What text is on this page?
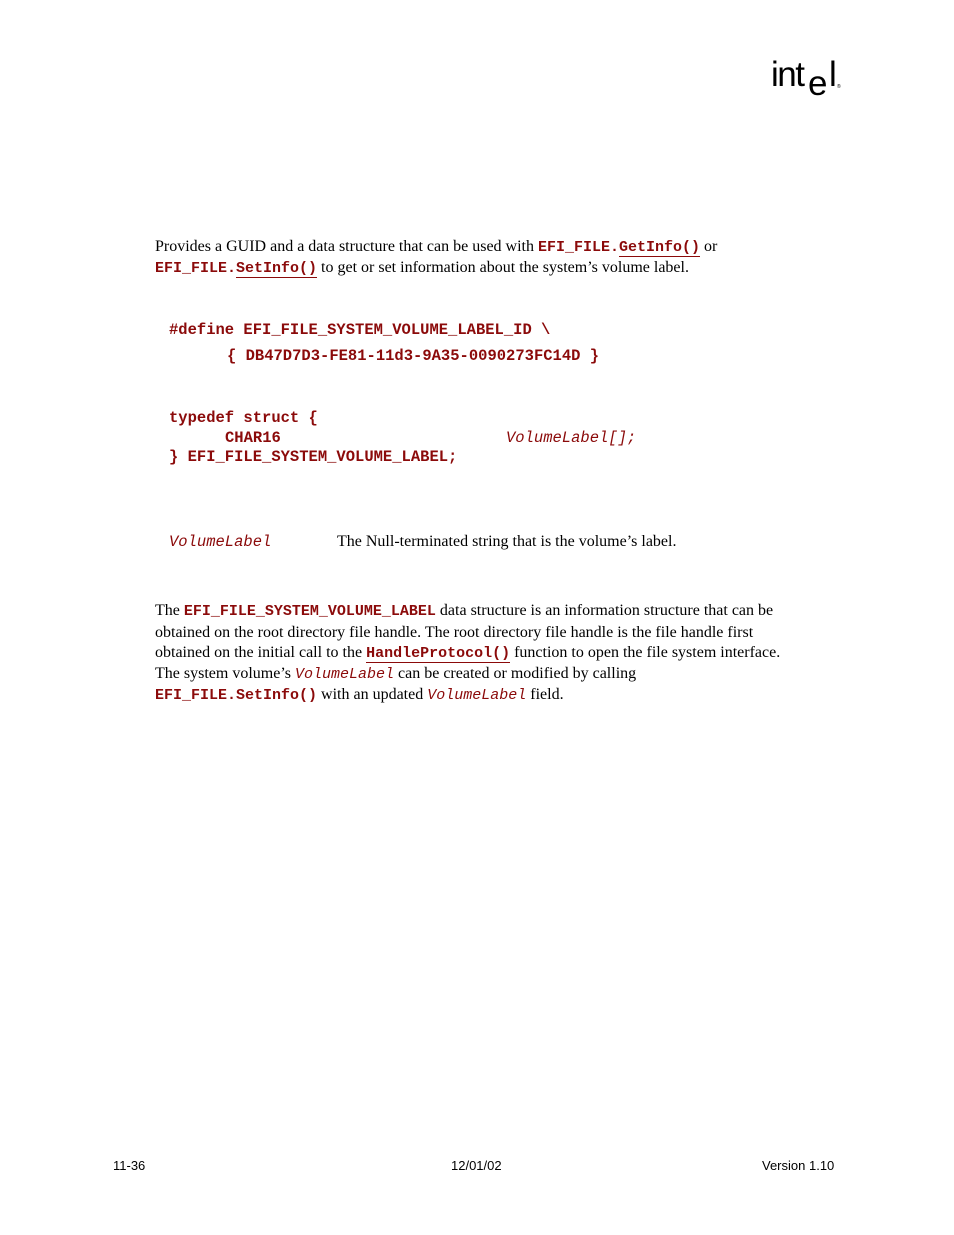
int e l ®
Provides a GUID and a data structure that can be used with EFI_FILE.GetInfo() or
EFI_FILE.SetInfo() to get or set information about the system’s volume label.
#define EFI_FILE_SYSTEM_VOLUME_LABEL_ID \
{ DB47D7D3-FE81-11d3-9A35-0090273FC14D }
typedef struct {
CHAR16	VolumeLabel[];
} EFI_FILE_SYSTEM_VOLUME_LABEL;
VolumeLabel	The Null-terminated string that is the volume’s label.
The EFI_FILE_SYSTEM_VOLUME_LABEL data structure is an information structure that can be
obtained on the root directory file handle. The root directory file handle is the file handle first
obtained on the initial call to the HandleProtocol() function to open the file system interface.
The system volume’s VolumeLabel can be created or modified by calling
EFI_FILE.SetInfo() with an updated VolumeLabel field.
11-36	12/01/02	Version 1.10
